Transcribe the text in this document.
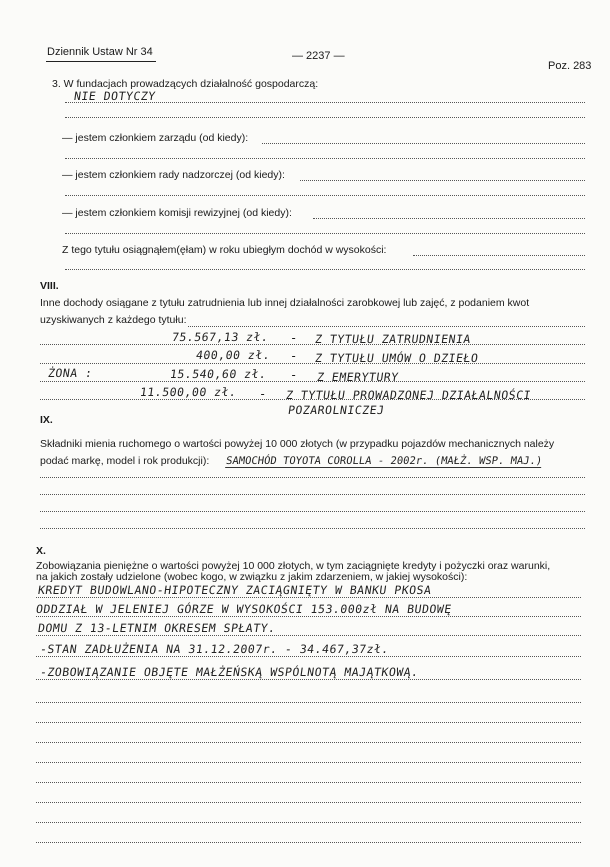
Dziennik Ustaw Nr 34	— 2237 —
Poz. 283
3. W fundacjach prowadzących działalność gospodarczą:
NIE DOTYCZY
— jestem członkiem zarządu (od kiedy):
— jestem członkiem rady nadzorczej (od kiedy):
— jestem członkiem komisji rewizyjnej (od kiedy):
Z tego tytułu osiągnąłem(ęłam) w roku ubiegłym dochód w wysokości:
VIII.
Inne dochody osiągane z tytułu zatrudnienia lub innej działalności zarobkowej lub zajęć, z podaniem kwot
uzyskiwanych z każdego tytułu:
75.567,13 zł. - Z TYTUŁU ZATRUDNIENIA
400,00 zł. - Z TYTUŁU UMÓW O DZIEŁO
ŻONA :	15.540,60 zł. - Z EMERYTURY
11.500,00 zł. - Z TYTUŁU PROWADZONEJ DZIAŁALNOŚCI
POZAROLNICZEJ
IX.
Składniki mienia ruchomego o wartości powyżej 10 000 złotych (w przypadku pojazdów mechanicznych należy
podać markę, model i rok produkcji): SAMOCHÓD TOYOTA COROLLA - 2002r. (MAŁŻ. WSP. MAJ.)
X.
Zobowiązania pieniężne o wartości powyżej 10 000 złotych, w tym zaciągnięte kredyty i pożyczki oraz warunki,
na jakich zostały udzielone (wobec kogo, w związku z jakim zdarzeniem, w jakiej wysokości):
KREDYT BUDOWLANO-HIPOTECZNY ZACIĄGNIĘTY W BANKU PKOSA
ODDZIAŁ W JELENIEJ GÓRZE W WYSOKOŚCI 153.000zł NA BUDOWĘ
DOMU Z 13-LETNIM OKRESEM SPŁATY.
-STAN ZADŁUŻENIA NA 31.12.2007r. - 34.467,37zł.
-ZOBOWIĄZANIE OBJĘTE MAŁŻEŃSKĄ WSPÓLNOTĄ MAJĄTKOWĄ.
